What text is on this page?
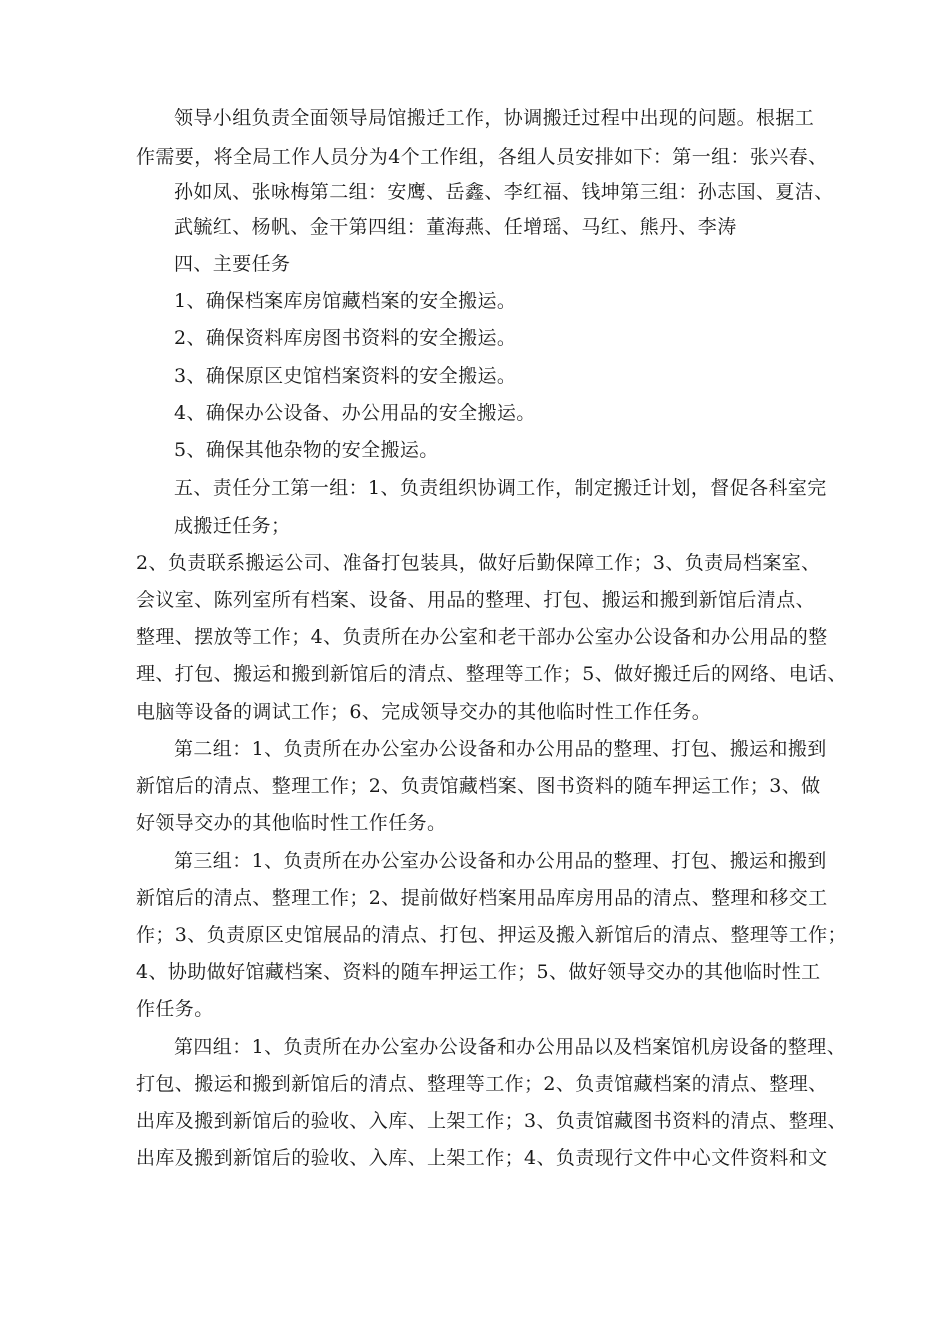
领导小组负责全面领导局馆搬迁工作，协调搬迁过程中出现的问题。根据工
作需要，将全局工作人员分为4个工作组，各组人员安排如下：第一组：张兴春、
孙如凤、张咏梅第二组：安鹰、岳鑫、李红福、钱坤第三组：孙志国、夏洁、
武毓红、杨帆、金干第四组：董海燕、任增瑶、马红、熊丹、李涛
四、主要任务
1、确保档案库房馆藏档案的安全搬运。
2、确保资料库房图书资料的安全搬运。
3、确保原区史馆档案资料的安全搬运。
4、确保办公设备、办公用品的安全搬运。
5、确保其他杂物的安全搬运。
五、责任分工第一组：1、负责组织协调工作，制定搬迁计划，督促各科室完
成搬迁任务；
2、负责联系搬运公司、准备打包装具，做好后勤保障工作；3、负责局档案室、
会议室、陈列室所有档案、设备、用品的整理、打包、搬运和搬到新馆后清点、
整理、摆放等工作；4、负责所在办公室和老干部办公室办公设备和办公用品的整
理、打包、搬运和搬到新馆后的清点、整理等工作；5、做好搬迁后的网络、电话、
电脑等设备的调试工作；6、完成领导交办的其他临时性工作任务。
第二组：1、负责所在办公室办公设备和办公用品的整理、打包、搬运和搬到
新馆后的清点、整理工作；2、负责馆藏档案、图书资料的随车押运工作；3、做
好领导交办的其他临时性工作任务。
第三组：1、负责所在办公室办公设备和办公用品的整理、打包、搬运和搬到
新馆后的清点、整理工作；2、提前做好档案用品库房用品的清点、整理和移交工
作；3、负责原区史馆展品的清点、打包、押运及搬入新馆后的清点、整理等工作；
4、协助做好馆藏档案、资料的随车押运工作；5、做好领导交办的其他临时性工
作任务。
第四组：1、负责所在办公室办公设备和办公用品以及档案馆机房设备的整理、
打包、搬运和搬到新馆后的清点、整理等工作；2、负责馆藏档案的清点、整理、
出库及搬到新馆后的验收、入库、上架工作；3、负责馆藏图书资料的清点、整理、
出库及搬到新馆后的验收、入库、上架工作；4、负责现行文件中心文件资料和文
